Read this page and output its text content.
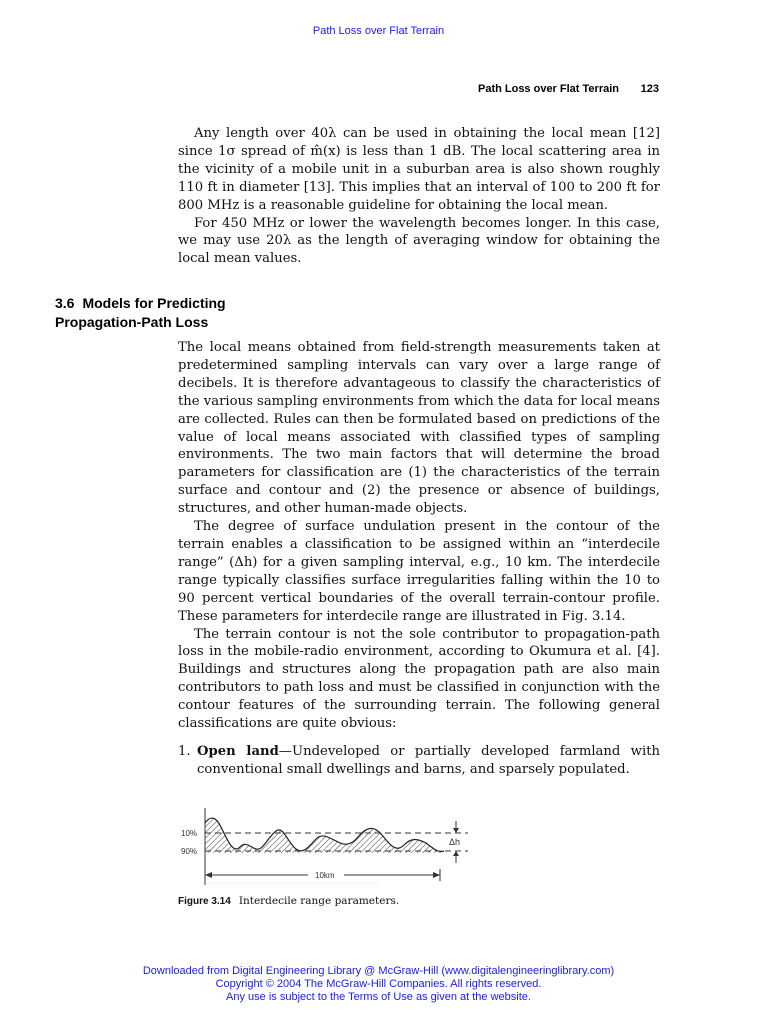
Path Loss over Flat Terrain
Path Loss over Flat Terrain 123

Any length over 40λ can be used in obtaining the local mean [12] since 1σ spread of m̂(x) is less than 1 dB. The local scattering area in the vicinity of a mobile unit in a suburban area is also shown roughly 110 ft in diameter [13]. This implies that an interval of 100 to 200 ft for 800 MHz is a reasonable guideline for obtaining the local mean.

For 450 MHz or lower the wavelength becomes longer. In this case, we may use 20λ as the length of averaging window for obtaining the local mean values.

3.6 Models for Predicting
Propagation-Path Loss

The local means obtained from field-strength measurements taken at predetermined sampling intervals can vary over a large range of decibels. It is therefore advantageous to classify the characteristics of the various sampling environments from which the data for local means are collected. Rules can then be formulated based on predictions of the value of local means associated with classified types of sampling environments. The two main factors that will determine the broad parameters for classification are (1) the characteristics of the terrain surface and contour and (2) the presence or absence of buildings, structures, and other human-made objects.

The degree of surface undulation present in the contour of the terrain enables a classification to be assigned within an “interdecile range” (Δh) for a given sampling interval, e.g., 10 km. The interdecile range typically classifies surface irregularities falling within the 10 to 90 percent vertical boundaries of the overall terrain-contour profile. These parameters for interdecile range are illustrated in Fig. 3.14.

The terrain contour is not the sole contributor to propagation-path loss in the mobile-radio environment, according to Okumura et al. [4]. Buildings and structures along the propagation path are also main contributors to path loss and must be classified in conjunction with the contour features of the surrounding terrain. The following general classifications are quite obvious:

1. Open land—Undeveloped or partially developed farmland with conventional small dwellings and barns, and sparsely populated.
10%
90%
Δh
10km
Figure 3.14 Interdecile range parameters.
Downloaded from Digital Engineering Library @ McGraw-Hill (www.digitalengineeringlibrary.com)
Copyright © 2004 The McGraw-Hill Companies. All rights reserved.
Any use is subject to the Terms of Use as given at the website.
